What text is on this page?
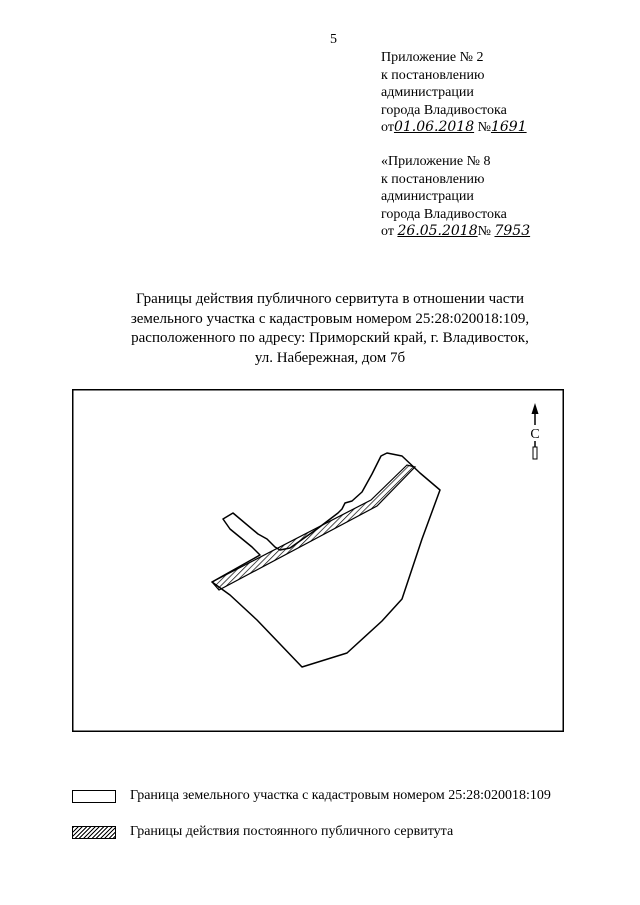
5
Приложение № 2
к постановлению
администрации
города Владивостока
от01.06.2018 №1691
«Приложение № 8
к постановлению
администрации
города Владивостока
от 26.05.2018№ 7953
Границы действия публичного сервитута в отношении части
земельного участка с кадастровым номером 25:28:020018:109,
расположенного по адресу: Приморский край, г. Владивосток,
ул. Набережная, дом 7б
С
Граница земельного участка с кадастровым номером 25:28:020018:109
Границы действия постоянного публичного сервитута
